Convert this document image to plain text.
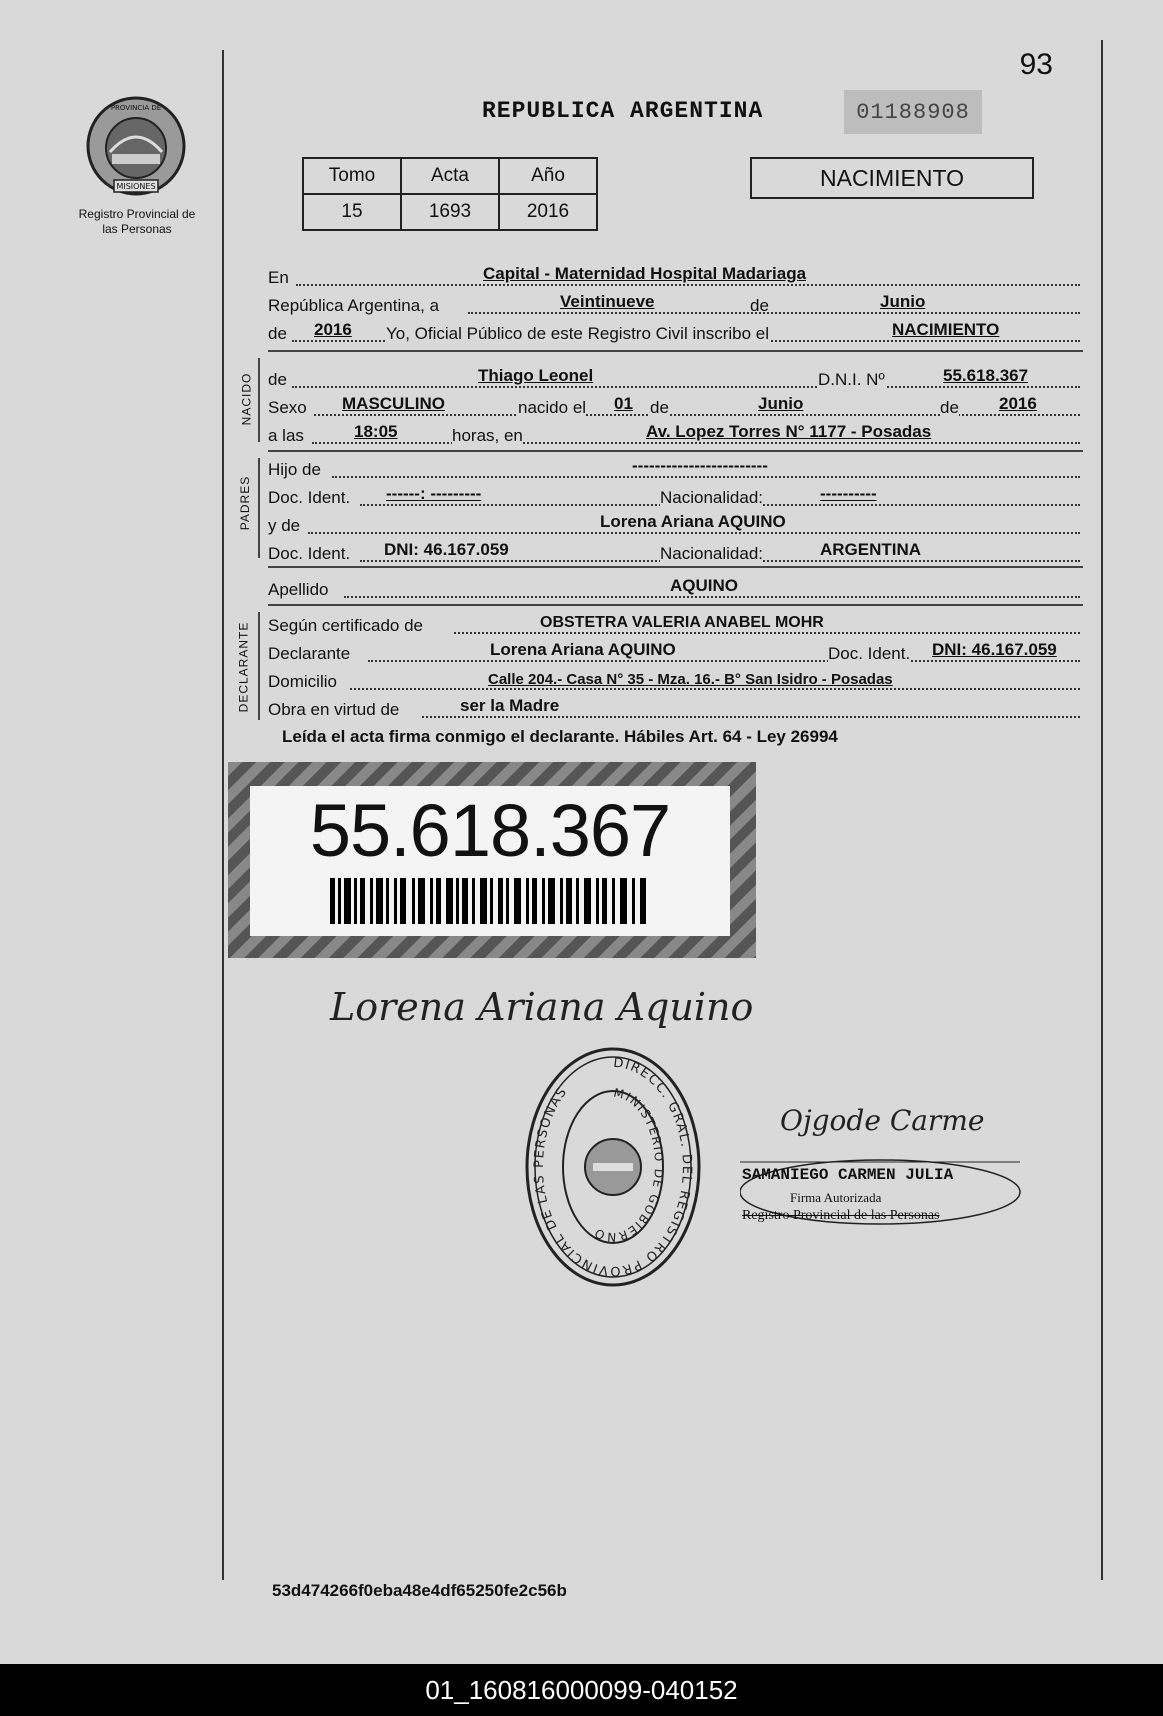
93
MISIONES
PROVINCIA DE
Registro Provincial de las Personas
REPUBLICA ARGENTINA	01188908
Tomo	Acta	Año
15	1693	2016
NACIMIENTO
En	Capital - Maternidad Hospital Madariaga
República Argentina, a	Veintinueve	de	Junio
de 2016 Yo, Oficial Público de este Registro Civil inscribo el	NACIMIENTO
NACIDO de	Thiago Leonel	D.N.I. Nº	55.618.367
Sexo MASCULINO	nacido el 01 de	Junio	de 2016
a las	18:05	horas, en	Av. Lopez Torres N° 1177 - Posadas
PADRES
Hijo de	------------------------
Doc. Ident. ------: ---------	Nacionalidad:	----------
y de	Lorena Ariana AQUINO
Doc. Ident. DNI: 46.167.059	Nacionalidad:	ARGENTINA
Apellido	AQUINO
DECLARANTE Según certificado de	OBSTETRA VALERIA ANABEL MOHR
Declarante	Lorena Ariana AQUINO	Doc. Ident. DNI: 46.167.059
Domicilio	Calle 204.- Casa N° 35 - Mza. 16.- B° San Isidro - Posadas
Obra en virtud de	ser la Madre
Leída el acta firma conmigo el declarante. Hábiles Art. 64 - Ley 26994
55.618.367
Lorena Ariana Aquino
DIRECC. GRAL. DEL REGISTRO PROVINCIAL DE LAS PERSONAS	MINISTERIO DE GOBIERNO
Ojgode Carme
SAMANIEGO CARMEN JULIA
Firma Autorizada
Registro Provincial de las Personas
53d474266f0eba48e4df65250fe2c56b
01_160816000099-040152
